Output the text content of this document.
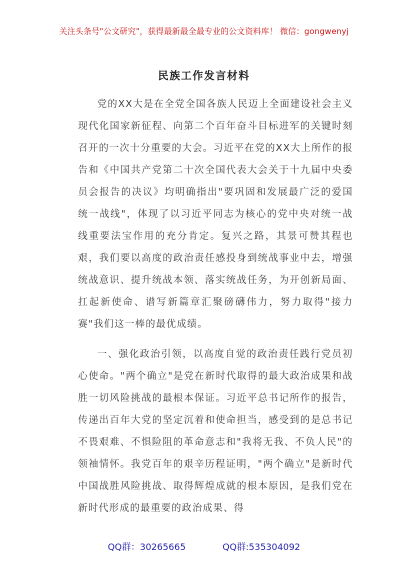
关注头条号"公文研究"，获得最新最全最专业的公文资料库！ 微信：gongwenyj
民族工作发言材料
党的XX大是在全党全国各族人民迈上全面建设社会主义现代化国家新征程、向第二个百年奋斗目标进军的关键时刻召开的一次十分重要的大会。习近平在党的XX大上所作的报告和《中国共产党第二十次全国代表大会关于十九届中央委员会报告的决议》均明确指出"要巩固和发展最广泛的爱国统一战线"，体现了以习近平同志为核心的党中央对统一战线重要法宝作用的充分肯定。复兴之路，其景可赞其程也艰，我们要以高度的政治责任感投身到统战事业中去，增强统战意识、提升统战本领、落实统战任务，为开创新局面、扛起新使命、谱写新篇章汇聚磅礴伟力，努力取得"接力赛"我们这一棒的最优成绩。
一、强化政治引领，以高度自觉的政治责任践行党员初心使命。"两个确立"是党在新时代取得的最大政治成果和战胜一切风险挑战的最根本保证。习近平总书记所作的报告，传递出百年大党的坚定沉着和使命担当，感受到的是总书记不畏艰难、不惧险阻的革命意志和"我将无我、不负人民"的领袖情怀。我党百年的艰辛历程证明，"两个确立"是新时代中国战胜风险挑战、取得辉煌成就的根本原因，是我们党在新时代形成的最重要的政治成果、得
QQ群：30265665	QQ群:535304092
